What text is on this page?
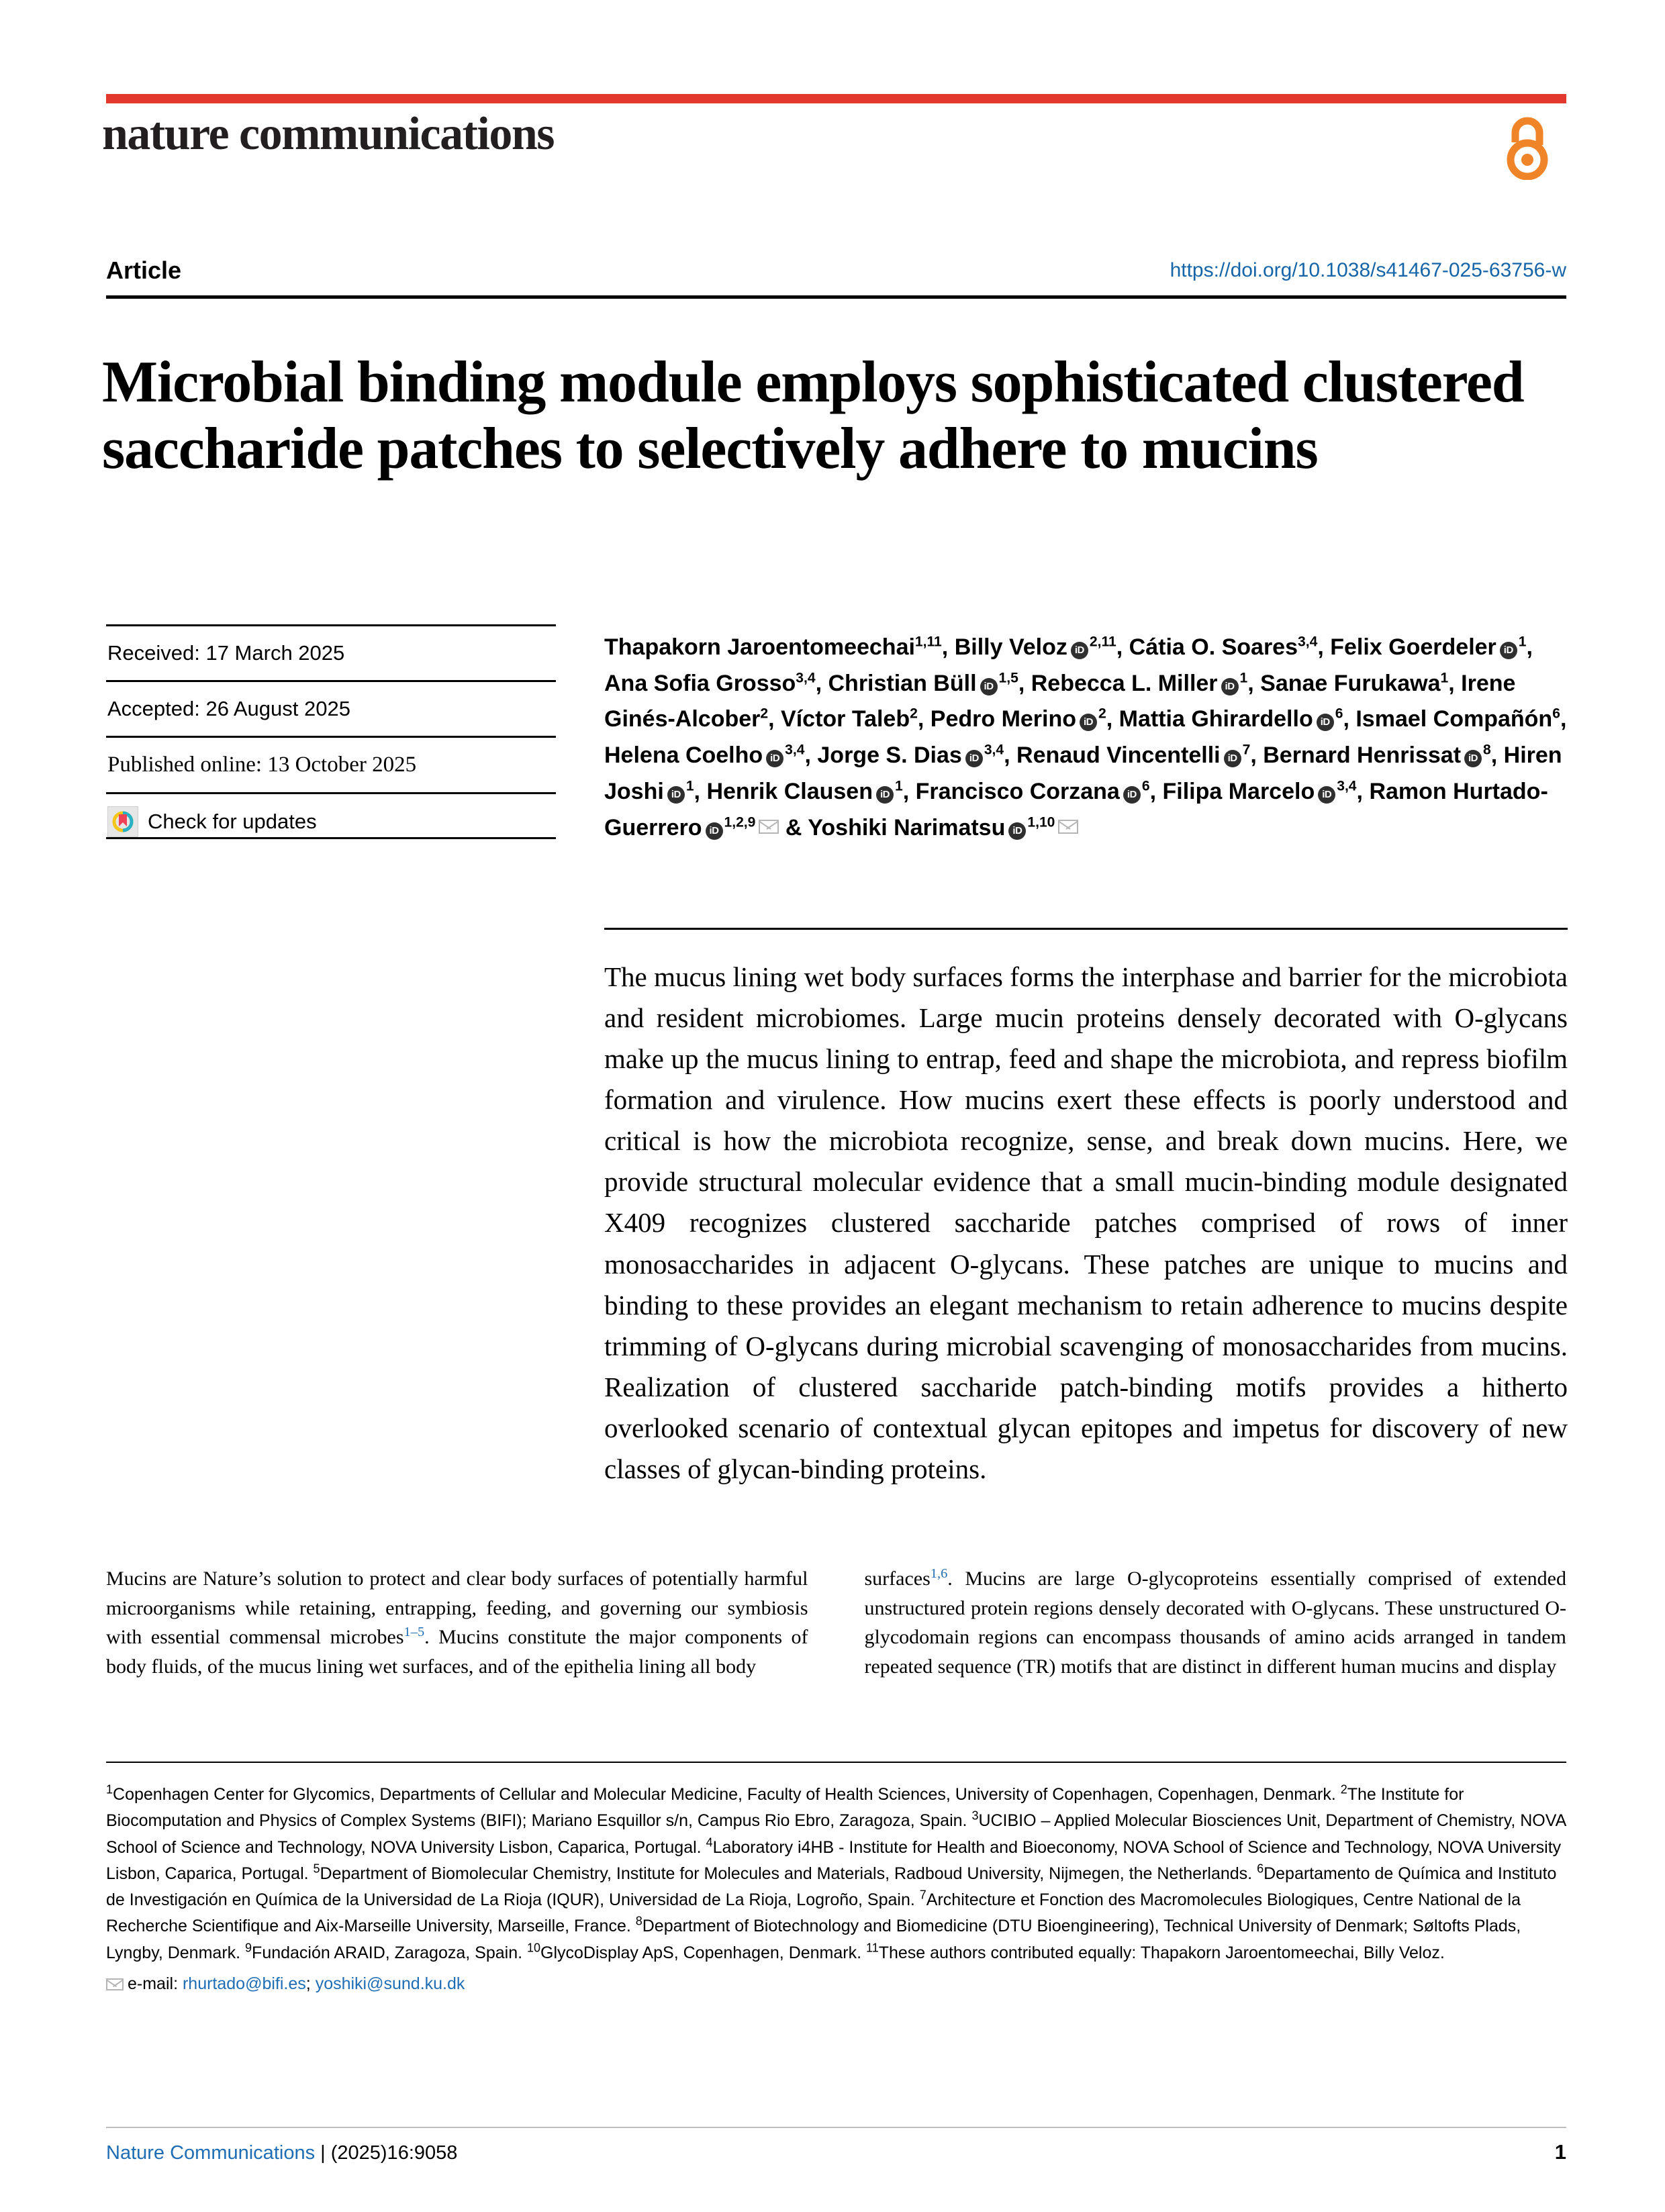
nature communications
Article	https://doi.org/10.1038/s41467-025-63756-w
Microbial binding module employs sophisticated clustered saccharide patches to selectively adhere to mucins
Received: 17 March 2025
Accepted: 26 August 2025
Published online: 13 October 2025
Check for updates
Thapakorn Jaroentomeechai$^{1,11}$, Billy Veloz iD$^{2,11}$, Cátia O. Soares$^{3,4}$, Felix Goerdeler $iD^1$, Ana Sofia Grosso$^{3,4}$, Christian Büll iD$^{1,5}$, Rebecca L. Miller $iD^1$, Sanae Furukawa$^1$, Irene Ginés-Alcober$^2$, Víctor Taleb$^2$, Pedro Merino $iD^2$, Mattia Ghirardello $iD^6$, Ismael Compañón$^6$, Helena Coelho iD$^{3,4}$, Jorge S. Dias iD$^{3,4}$, Renaud Vincentelli $iD^7$, Bernard Henrissat $iD^8$, Hiren Joshi $iD^1$, Henrik Clausen $iD^1$, Francisco Corzana $iD^6$, Filipa Marcelo iD$^{3,4}$, Ramon Hurtado-Guerrero iD$^{1,2,9}$ & Yoshiki Narimatsu iD$^{1,10}$
The mucus lining wet body surfaces forms the interphase and barrier for the microbiota and resident microbiomes. Large mucin proteins densely decorated with O-glycans make up the mucus lining to entrap, feed and shape the microbiota, and repress biofilm formation and virulence. How mucins exert these effects is poorly understood and critical is how the microbiota recognize, sense, and break down mucins. Here, we provide structural molecular evidence that a small mucin-binding module designated X409 recognizes clustered saccharide patches comprised of rows of inner monosaccharides in adjacent O-glycans. These patches are unique to mucins and binding to these provides an elegant mechanism to retain adherence to mucins despite trimming of O-glycans during microbial scavenging of monosaccharides from mucins. Realization of clustered saccharide patch-binding motifs provides a hitherto overlooked scenario of contextual glycan epitopes and impetus for discovery of new classes of glycan-binding proteins.
Mucins are Nature’s solution to protect and clear body surfaces of potentially harmful microorganisms while retaining, entrapping, feeding, and governing our symbiosis with essential commensal microbes$^{1-5}$. Mucins constitute the major components of body fluids, of the mucus lining wet surfaces, and of the epithelia lining all body
surfaces$^{1,6}$. Mucins are large O-glycoproteins essentially comprised of extended unstructured protein regions densely decorated with O-glycans. These unstructured O-glycodomain regions can encompass thousands of amino acids arranged in tandem repeated sequence (TR) motifs that are distinct in different human mucins and display
$^1$Copenhagen Center for Glycomics, Departments of Cellular and Molecular Medicine, Faculty of Health Sciences, University of Copenhagen, Copenhagen, Denmark. $^2$The Institute for Biocomputation and Physics of Complex Systems (BIFI); Mariano Esquillor s/n, Campus Rio Ebro, Zaragoza, Spain. $^3$UCIBIO – Applied Molecular Biosciences Unit, Department of Chemistry, NOVA School of Science and Technology, NOVA University Lisbon, Caparica, Portugal. $^4$Laboratory i4HB - Institute for Health and Bioeconomy, NOVA School of Science and Technology, NOVA University Lisbon, Caparica, Portugal. $^5$Department of Biomolecular Chemistry, Institute for Molecules and Materials, Radboud University, Nijmegen, the Netherlands. $^6$Departamento de Química and Instituto de Investigación en Química de la Universidad de La Rioja (IQUR), Universidad de La Rioja, Logroño, Spain. $^7$Architecture et Fonction des Macromolecules Biologiques, Centre National de la Recherche Scientifique and Aix-Marseille University, Marseille, France. $^8$Department of Biotechnology and Biomedicine (DTU Bioengineering), Technical University of Denmark; Søltofts Plads, Lyngby, Denmark. $^9$Fundación ARAID, Zaragoza, Spain. $^{10}$GlycoDisplay ApS, Copenhagen, Denmark. $^{11}$These authors contributed equally: Thapakorn Jaroentomeechai, Billy Veloz.
e-mail: rhurtado@bifi.es; yoshiki@sund.ku.dk
Nature Communications | (2025)16:9058	1
